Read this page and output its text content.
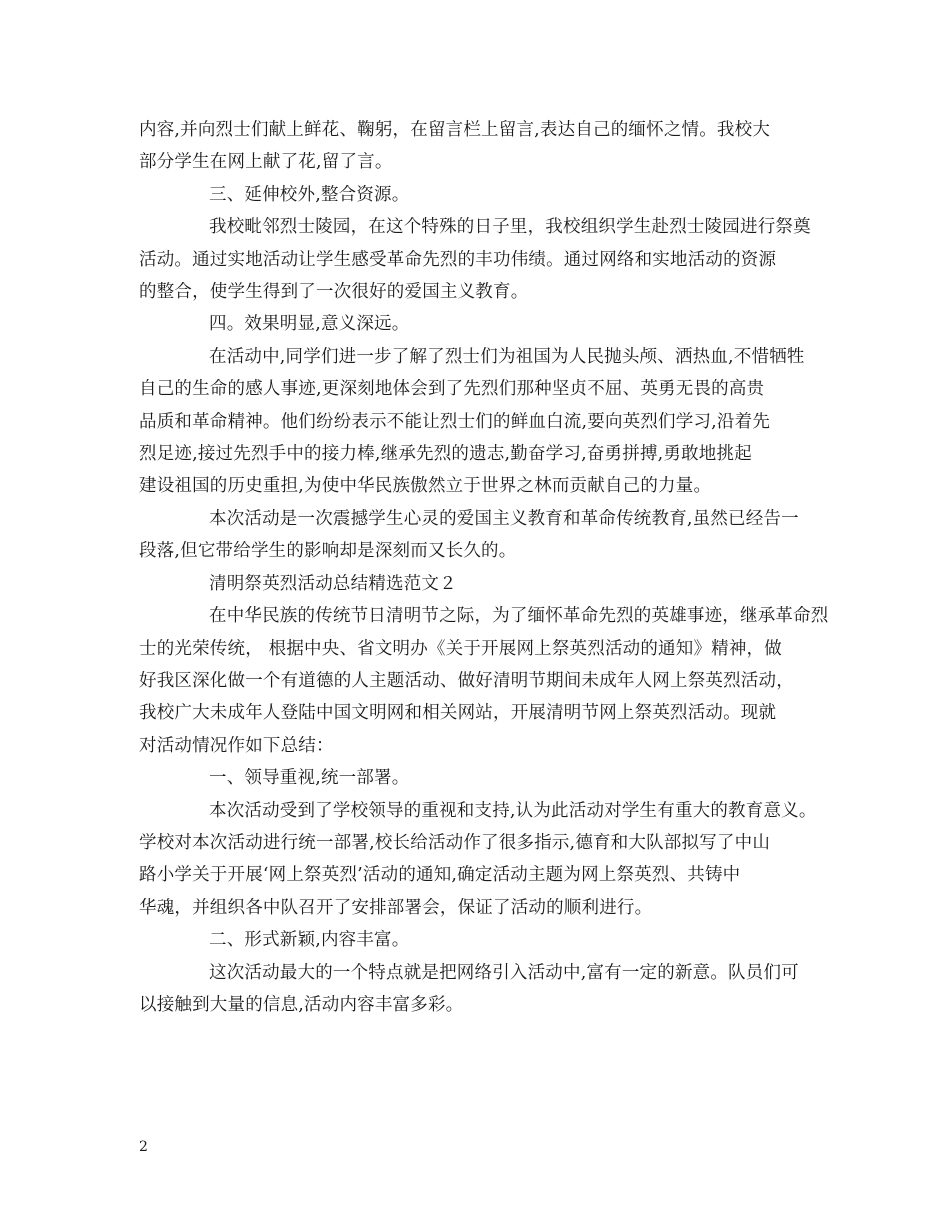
内容,并向烈士们献上鲜花、鞠躬，在留言栏上留言,表达自己的缅怀之情。我校大
部分学生在网上献了花,留了言。
三、延伸校外,整合资源。
我校毗邻烈士陵园，在这个特殊的日子里，我校组织学生赴烈士陵园进行祭奠
活动。通过实地活动让学生感受革命先烈的丰功伟绩。通过网络和实地活动的资源
的整合，使学生得到了一次很好的爱国主义教育。
四。效果明显,意义深远。
在活动中,同学们进一步了解了烈士们为祖国为人民抛头颅、洒热血,不惜牺牲
自己的生命的感人事迹,更深刻地体会到了先烈们那种坚贞不屈、英勇无畏的高贵
品质和革命精神。他们纷纷表示不能让烈士们的鲜血白流,要向英烈们学习,沿着先
烈足迹,接过先烈手中的接力棒,继承先烈的遗志,勤奋学习,奋勇拼搏,勇敢地挑起
建设祖国的历史重担,为使中华民族傲然立于世界之林而贡献自己的力量。
本次活动是一次震撼学生心灵的爱国主义教育和革命传统教育,虽然已经告一
段落,但它带给学生的影响却是深刻而又长久的。
清明祭英烈活动总结精选范文２
在中华民族的传统节日清明节之际，为了缅怀革命先烈的英雄事迹，继承革命烈
士的光荣传统， 根据中央、省文明办《关于开展网上祭英烈活动的通知》精神，做
好我区深化做一个有道德的人主题活动、做好清明节期间未成年人网上祭英烈活动，
我校广大未成年人登陆中国文明网和相关网站，开展清明节网上祭英烈活动。现就
对活动情况作如下总结：
一、领导重视,统一部署。
本次活动受到了学校领导的重视和支持,认为此活动对学生有重大的教育意义。
学校对本次活动进行统一部署,校长给活动作了很多指示,德育和大队部拟写了中山
路小学关于开展‘网上祭英烈’活动的通知,确定活动主题为网上祭英烈、共铸中
华魂，并组织各中队召开了安排部署会，保证了活动的顺利进行。
二、形式新颖,内容丰富。
这次活动最大的一个特点就是把网络引入活动中,富有一定的新意。队员们可
以接触到大量的信息,活动内容丰富多彩。
2
